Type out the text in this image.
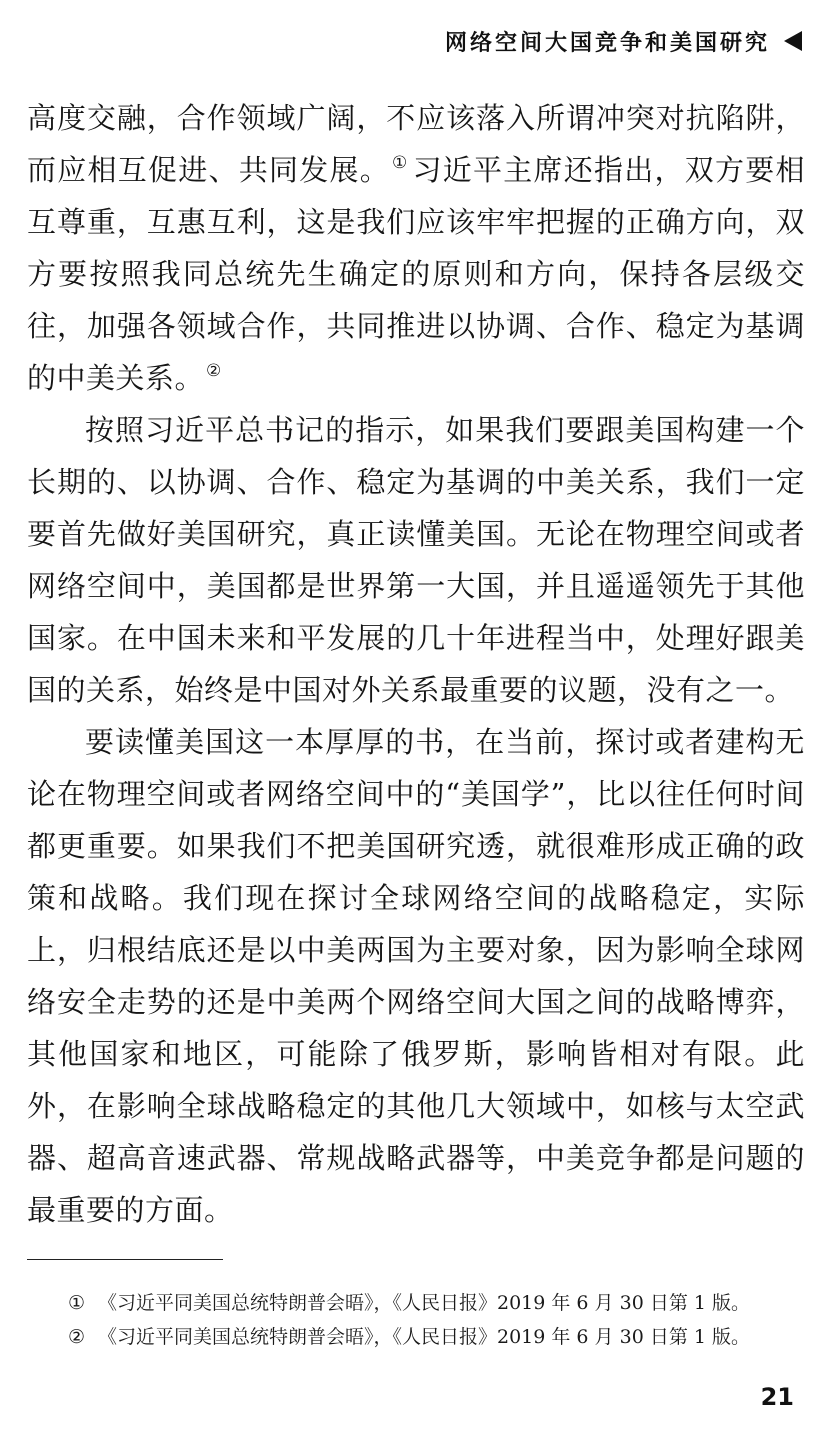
网络空间大国竞争和美国研究

高度交融，合作领域广阔，不应该落入所谓冲突对抗陷阱，而应相互促进、共同发展。 ① 习近平主席还指出，双方要相互尊重，互惠互利，这是我们应该牢牢把握的正确方向，双方要按照我同总统先生确定的原则和方向，保持各层级交往，加强各领域合作，共同推进以协调、合作、稳定为基调的中美关系。 ②

按照习近平总书记的指示，如果我们要跟美国构建一个长期的、以协调、合作、稳定为基调的中美关系，我们一定要首先做好美国研究，真正读懂美国。无论在物理空间或者网络空间中，美国都是世界第一大国，并且遥遥领先于其他国家。在中国未来和平发展的几十年进程当中，处理好跟美国的关系，始终是中国对外关系最重要的议题，没有之一。

要读懂美国这一本厚厚的书，在当前，探讨或者建构无论在物理空间或者网络空间中的“美国学”，比以往任何时间都更重要。如果我们不把美国研究透，就很难形成正确的政策和战略。我们现在探讨全球网络空间的战略稳定，实际上，归根结底还是以中美两国为主要对象，因为影响全球网络安全走势的还是中美两个网络空间大国之间的战略博弈，其他国家和地区，可能除了俄罗斯，影响皆相对有限。此外，在影响全球战略稳定的其他几大领域中，如核与太空武器、超高音速武器、常规战略武器等，中美竞争都是问题的最重要的方面。

① 《习近平同美国总统特朗普会晤》，《人民日报》2019 年 6 月 30 日第 1 版。
② 《习近平同美国总统特朗普会晤》，《人民日报》2019 年 6 月 30 日第 1 版。
21
